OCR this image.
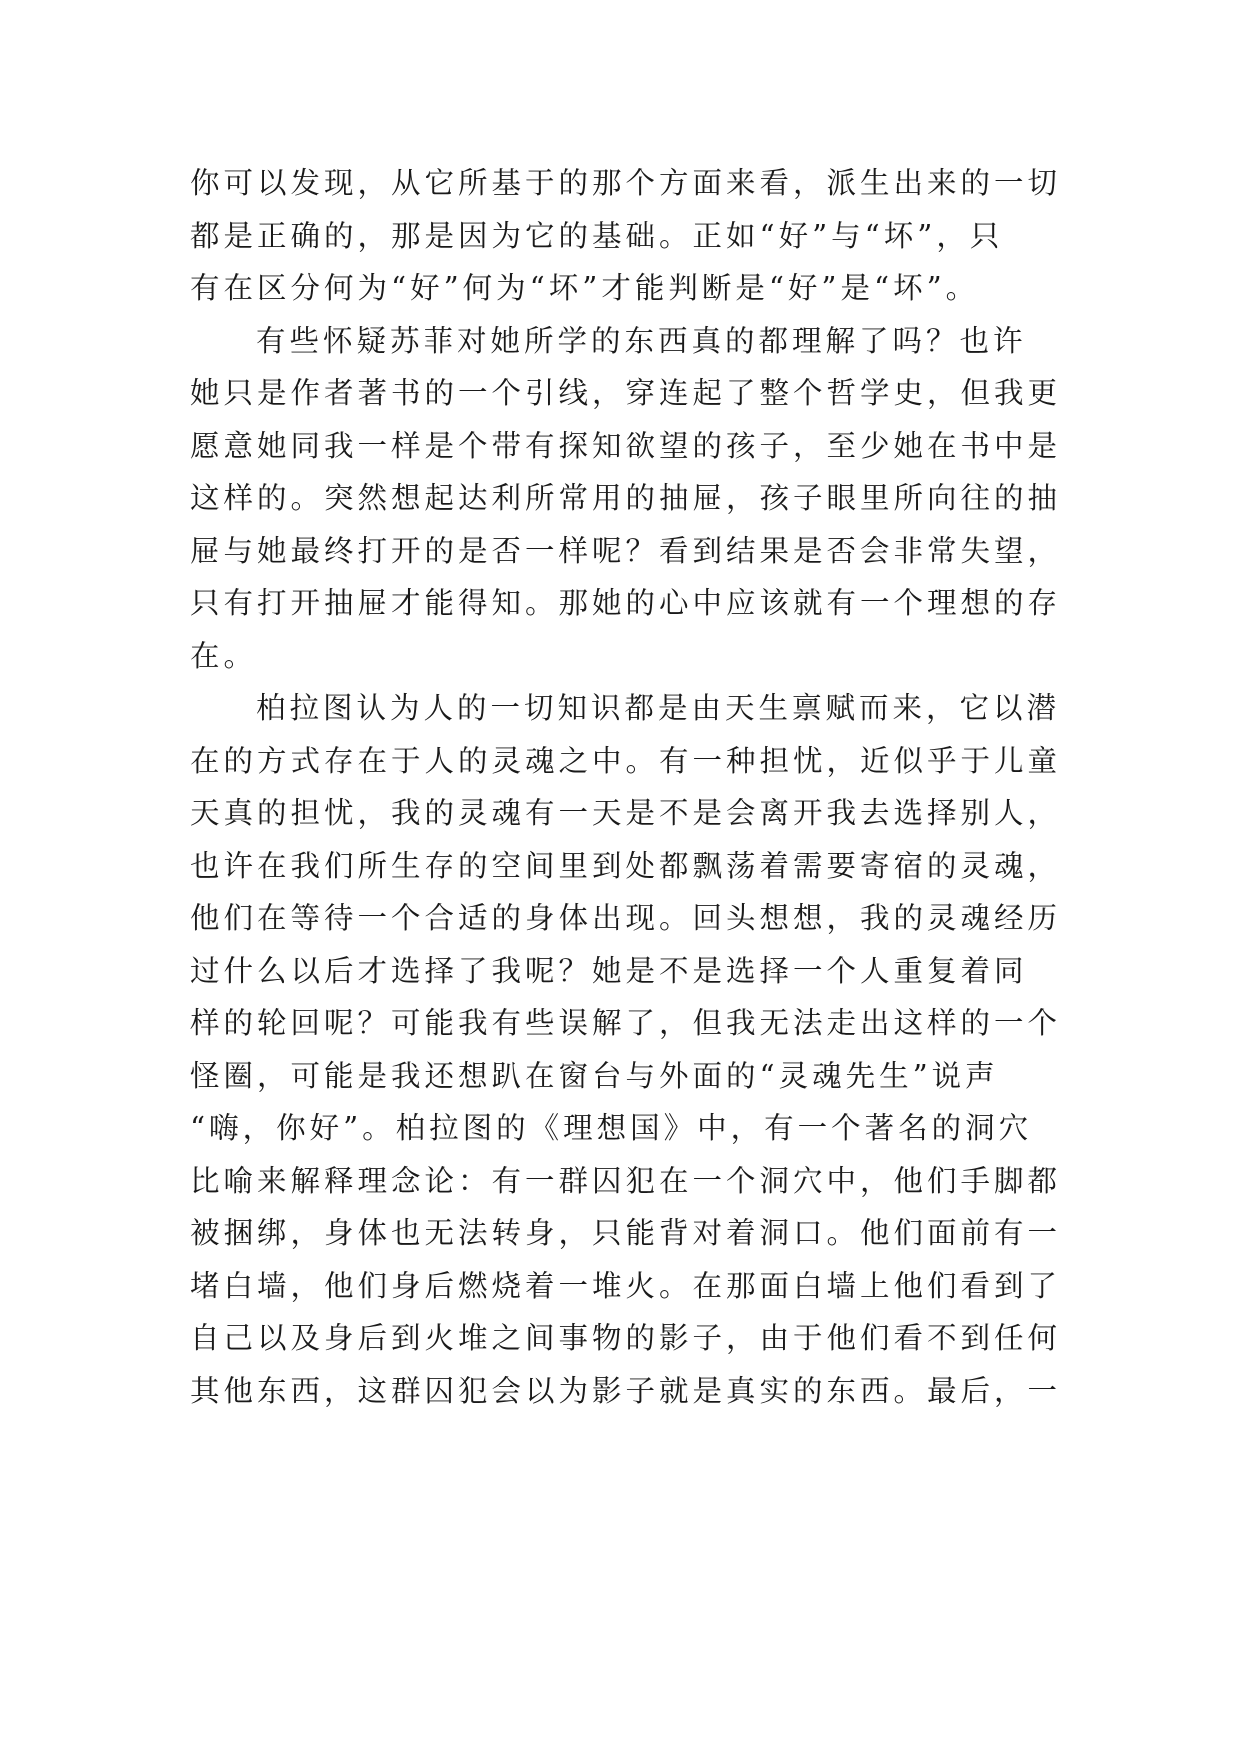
你可以发现，从它所基于的那个方面来看，派生出来的一切
都是正确的，那是因为它的基础。正如“好”与“坏”，只
有在区分何为“好”何为“坏”才能判断是“好”是“坏”。
有些怀疑苏菲对她所学的东西真的都理解了吗？也许
她只是作者著书的一个引线，穿连起了整个哲学史，但我更
愿意她同我一样是个带有探知欲望的孩子，至少她在书中是
这样的。突然想起达利所常用的抽屉，孩子眼里所向往的抽
屉与她最终打开的是否一样呢？看到结果是否会非常失望，
只有打开抽屉才能得知。那她的心中应该就有一个理想的存
在。
柏拉图认为人的一切知识都是由天生禀赋而来，它以潜
在的方式存在于人的灵魂之中。有一种担忧，近似乎于儿童
天真的担忧，我的灵魂有一天是不是会离开我去选择别人，
也许在我们所生存的空间里到处都飘荡着需要寄宿的灵魂，
他们在等待一个合适的身体出现。回头想想，我的灵魂经历
过什么以后才选择了我呢？她是不是选择一个人重复着同
样的轮回呢？可能我有些误解了，但我无法走出这样的一个
怪圈，可能是我还想趴在窗台与外面的“灵魂先生”说声
“嗨，你好”。柏拉图的《理想国》中，有一个著名的洞穴
比喻来解释理念论：有一群囚犯在一个洞穴中，他们手脚都
被捆绑，身体也无法转身，只能背对着洞口。他们面前有一
堵白墙，他们身后燃烧着一堆火。在那面白墙上他们看到了
自己以及身后到火堆之间事物的影子，由于他们看不到任何
其他东西，这群囚犯会以为影子就是真实的东西。最后，一
